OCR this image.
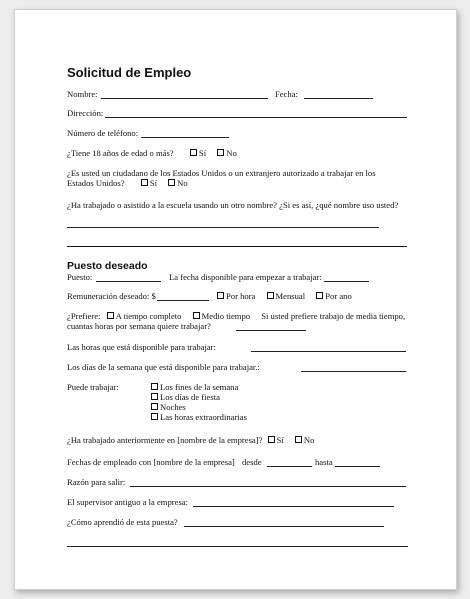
Solicitud de Empleo
Nombre:	Fecha:
Dirección:
Número de teléfono:
¿Tiene 18 años de edad o más?	Sí No
¿Es usted un ciudadano de los Estados Unidos o un extranjero autorizado a trabajar en los
Estados Unidos?	Sí No
¿Ha trabajado o asistido a la escuela usando un otro nombre? ¿Si es así, ¿qué nombre uso usted?
Puesto deseado
Puesto:	La fecha disponible para empezar a trabajar:
Remuneración deseado: $	Por hora Mensual Por ano
¿Prefiere: A tiempo completo Medio tiempo Si usted prefiere trabajo de media tiempo,
cuantas horas por semana quiere trabajar?
Las horas que está disponible para trabajar:
Los días de la semana que está disponible para trabajar.:
Puede trabajar:	Los fines de la semana
Los días de fiesta
Noches
Las horas extraordinarias
¿Ha trabajado anteriormente en [nombre de la empresa]? Sí No
Fechas de empleado con [nombre de la empresa] desde	hasta
Razón para salir:
El supervisor antiguo a la empresa:
¿Cómo aprendió de esta puesta?
